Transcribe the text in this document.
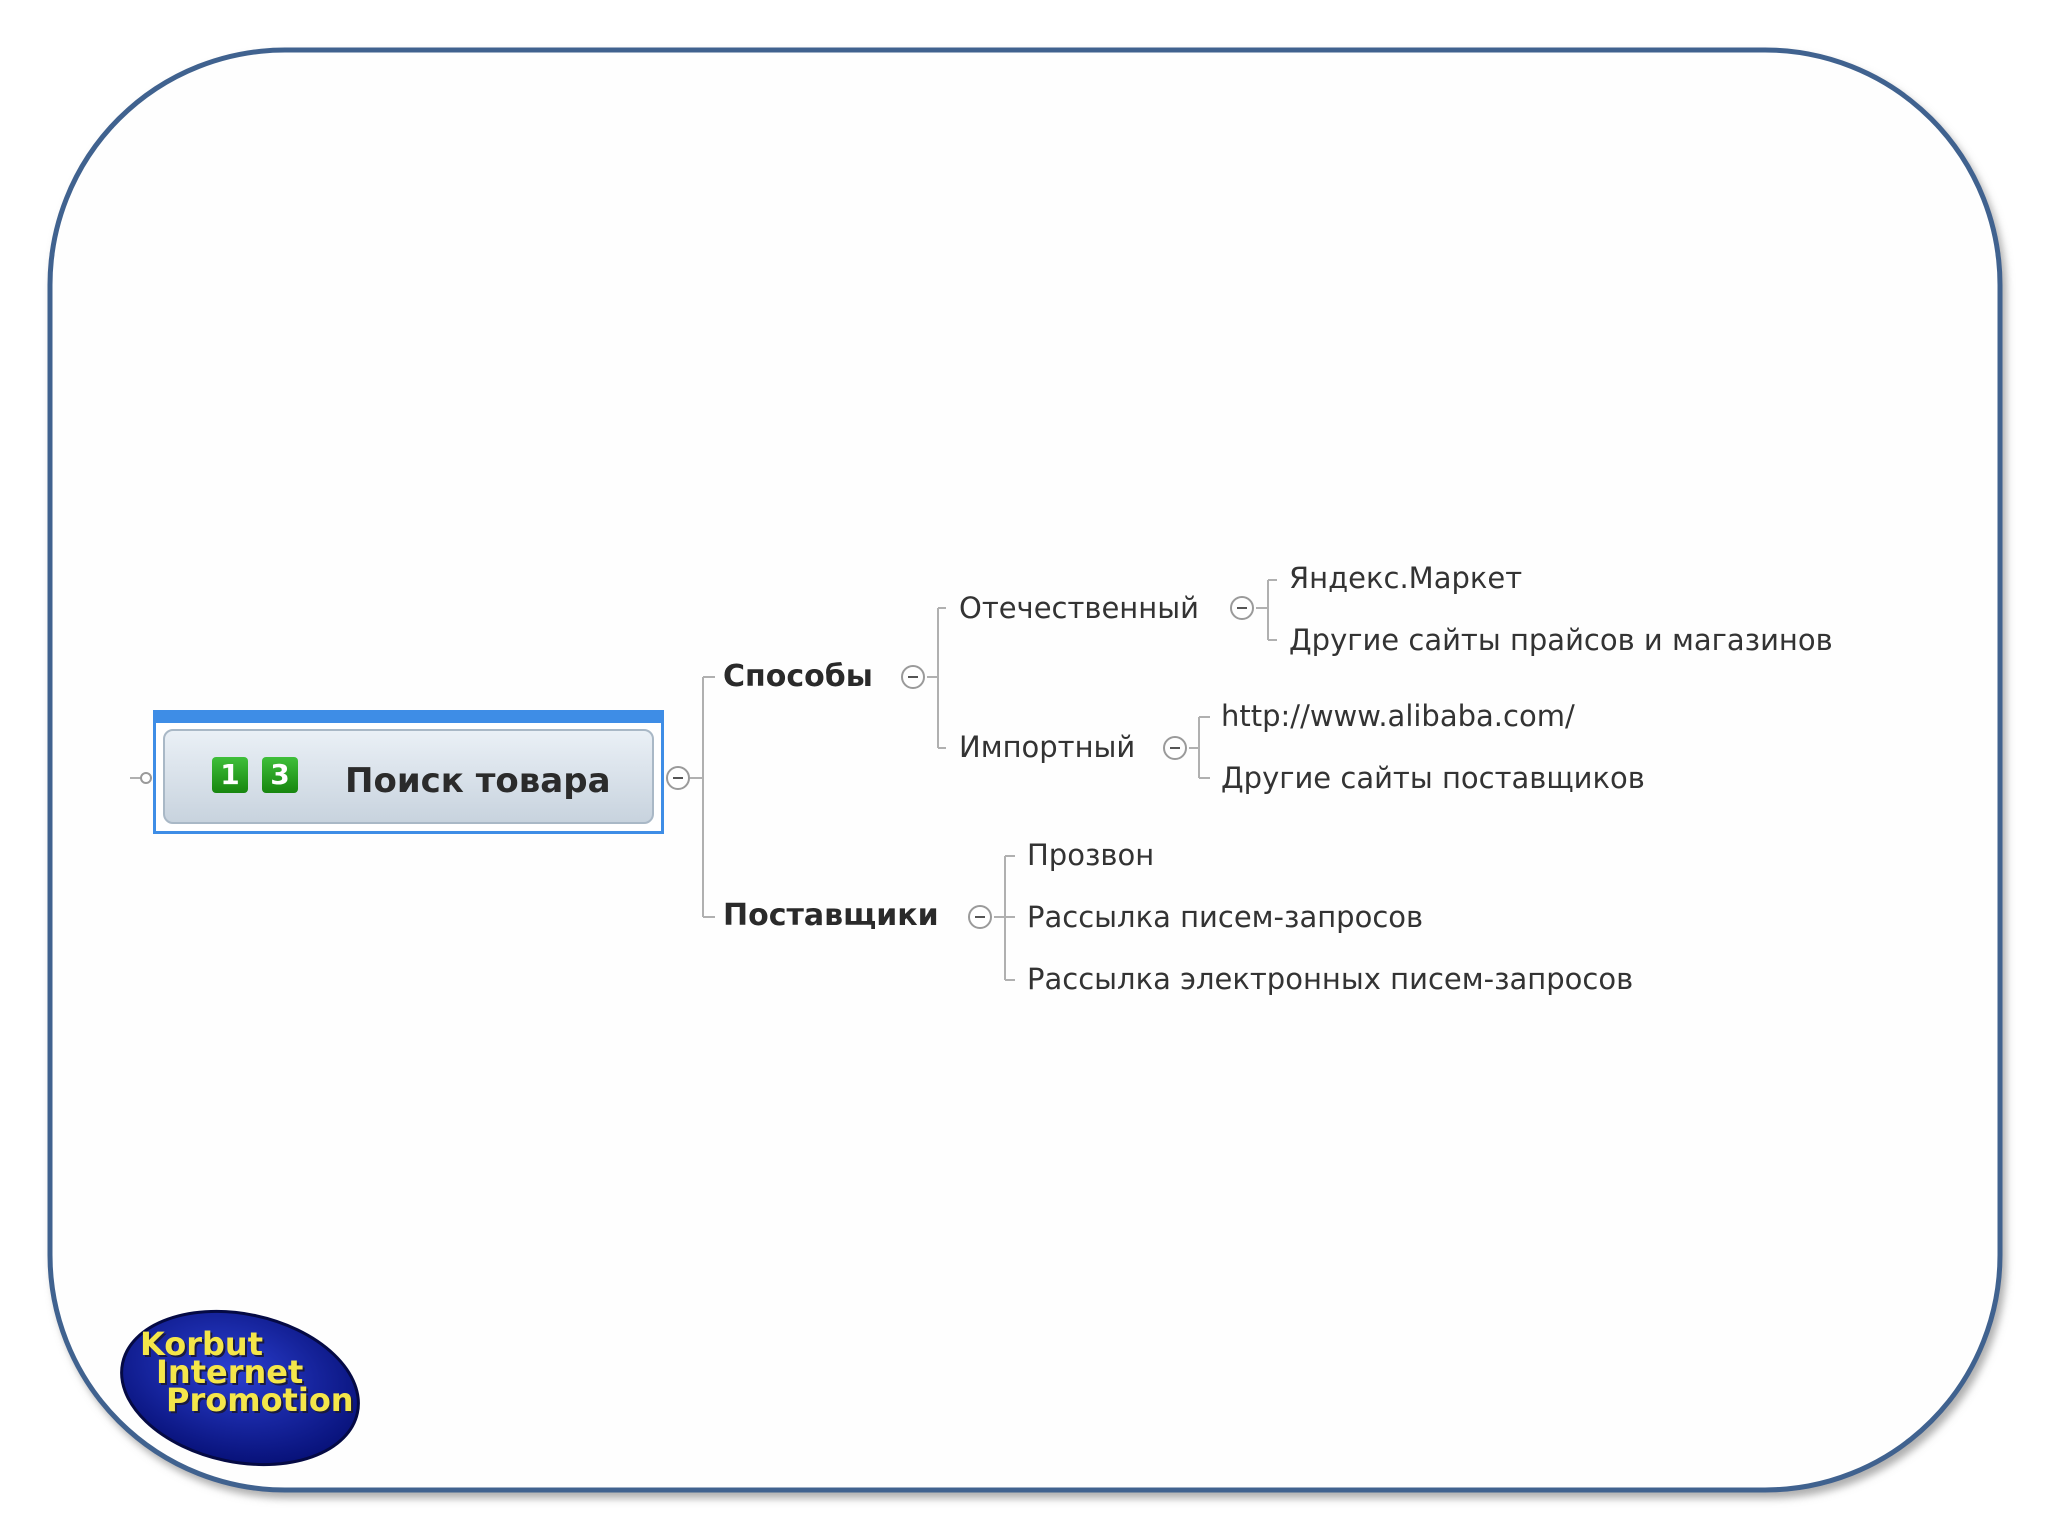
1 3 Поиск товара
Способы
Отечественный
Яндекс.Маркет
Другие сайты прайсов и магазинов
Импортный
http://www.alibaba.com/
Другие сайты поставщиков
Поставщики
Прозвон
Рассылка писем-запросов
Рассылка электронных писем-запросов
Korbut
Internet
Promotion
